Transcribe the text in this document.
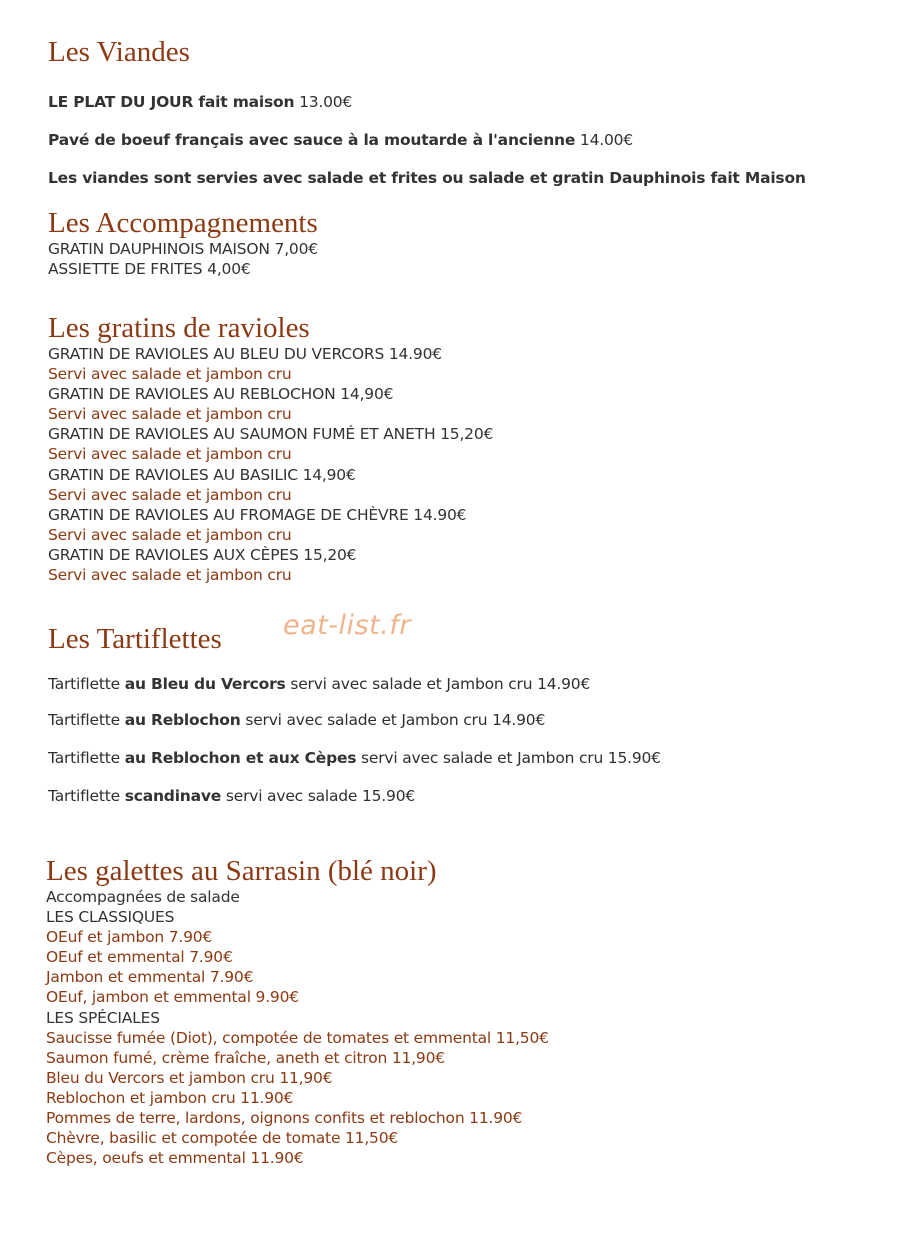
Les Viandes
LE PLAT DU JOUR fait maison 13.00€
Pavé de boeuf français avec sauce à la moutarde à l'ancienne 14.00€
Les viandes sont servies avec salade et frites ou salade et gratin Dauphinois fait Maison
Les Accompagnements
GRATIN DAUPHINOIS MAISON 7,00€
ASSIETTE DE FRITES 4,00€
Les gratins de ravioles
GRATIN DE RAVIOLES AU BLEU DU VERCORS 14.90€
Servi avec salade et jambon cru
GRATIN DE RAVIOLES AU REBLOCHON 14,90€
Servi avec salade et jambon cru
GRATIN DE RAVIOLES AU SAUMON FUMÉ ET ANETH 15,20€
Servi avec salade et jambon cru
GRATIN DE RAVIOLES AU BASILIC 14,90€
Servi avec salade et jambon cru
GRATIN DE RAVIOLES AU FROMAGE DE CHÈVRE 14.90€
Servi avec salade et jambon cru
GRATIN DE RAVIOLES AUX CÈPES 15,20€
Servi avec salade et jambon cru
Les Tartiflettes eat-list.fr
Tartiflette au Bleu du Vercors servi avec salade et Jambon cru 14.90€
Tartiflette au Reblochon servi avec salade et Jambon cru 14.90€
Tartiflette au Reblochon et aux Cèpes servi avec salade et Jambon cru 15.90€
Tartiflette scandinave servi avec salade 15.90€
Les galettes au Sarrasin (blé noir)
Accompagnées de salade
LES CLASSIQUES
OEuf et jambon 7.90€
OEuf et emmental 7.90€
Jambon et emmental 7.90€
OEuf, jambon et emmental 9.90€
LES SPÉCIALES
Saucisse fumée (Diot), compotée de tomates et emmental 11,50€
Saumon fumé, crème fraîche, aneth et citron 11,90€
Bleu du Vercors et jambon cru 11,90€
Reblochon et jambon cru 11.90€
Pommes de terre, lardons, oignons confits et reblochon 11.90€
Chèvre, basilic et compotée de tomate 11,50€
Cèpes, oeufs et emmental 11.90€
